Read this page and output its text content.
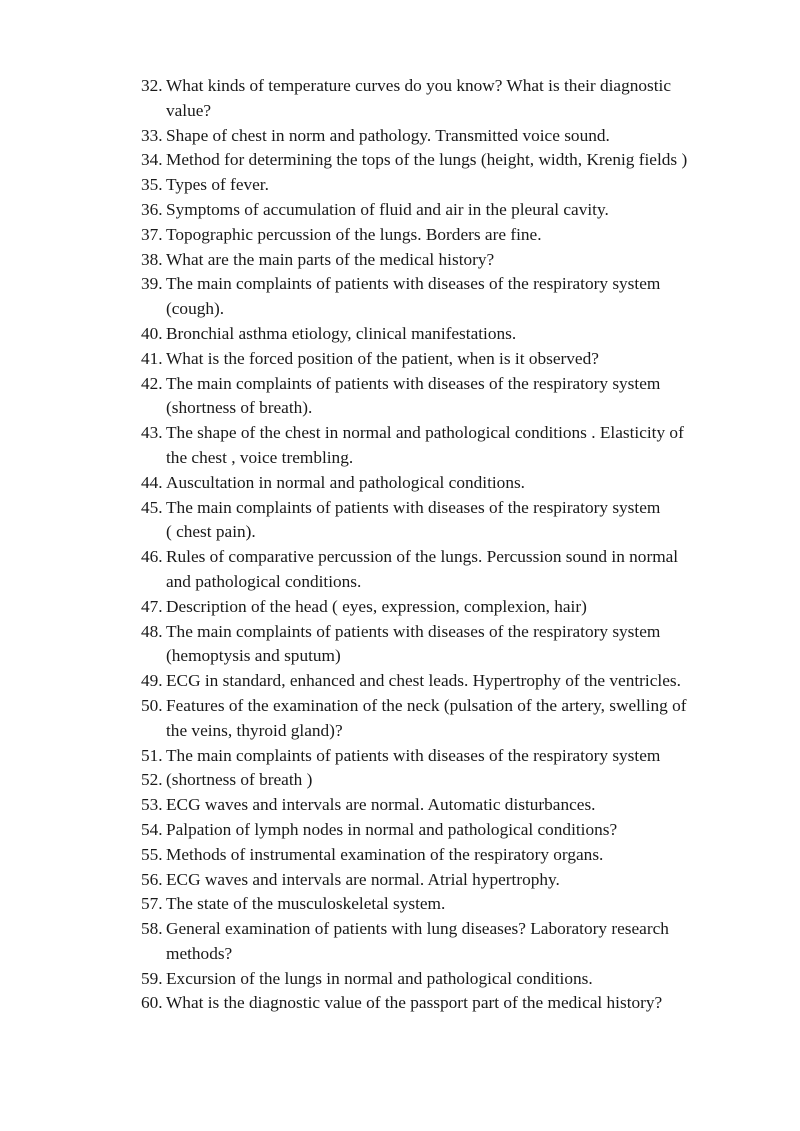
32. What kinds of temperature curves do you know? What is their diagnostic
value?
33. Shape of chest in norm and pathology. Transmitted voice sound.
34. Method for determining the tops of the lungs (height, width, Krenig fields )
35. Types of fever.
36. Symptoms of accumulation of fluid and air in the pleural cavity.
37. Topographic percussion of the lungs. Borders are fine.
38. What are the main parts of the medical history?
39. The main complaints of patients with diseases of the respiratory system
(cough).
40. Bronchial asthma etiology, clinical manifestations.
41. What is the forced position of the patient, when is it observed?
42. The main complaints of patients with diseases of the respiratory system
(shortness of breath).
43. The shape of the chest in normal and pathological conditions . Elasticity of
the chest , voice trembling.
44. Auscultation in normal and pathological conditions.
45. The main complaints of patients with diseases of the respiratory system
( chest pain).
46. Rules of comparative percussion of the lungs. Percussion sound in normal
and pathological conditions.
47. Description of the head ( eyes, expression, complexion, hair)
48. The main complaints of patients with diseases of the respiratory system
(hemoptysis and sputum)
49. ECG in standard, enhanced and chest leads. Hypertrophy of the ventricles.
50. Features of the examination of the neck (pulsation of the artery, swelling of
the veins, thyroid gland)?
51. The main complaints of patients with diseases of the respiratory system
52. (shortness of breath )
53. ECG waves and intervals are normal. Automatic disturbances.
54. Palpation of lymph nodes in normal and pathological conditions?
55. Methods of instrumental examination of the respiratory organs.
56. ECG waves and intervals are normal. Atrial hypertrophy.
57. The state of the musculoskeletal system.
58. General examination of patients with lung diseases? Laboratory research
methods?
59. Excursion of the lungs in normal and pathological conditions.
60. What is the diagnostic value of the passport part of the medical history?
